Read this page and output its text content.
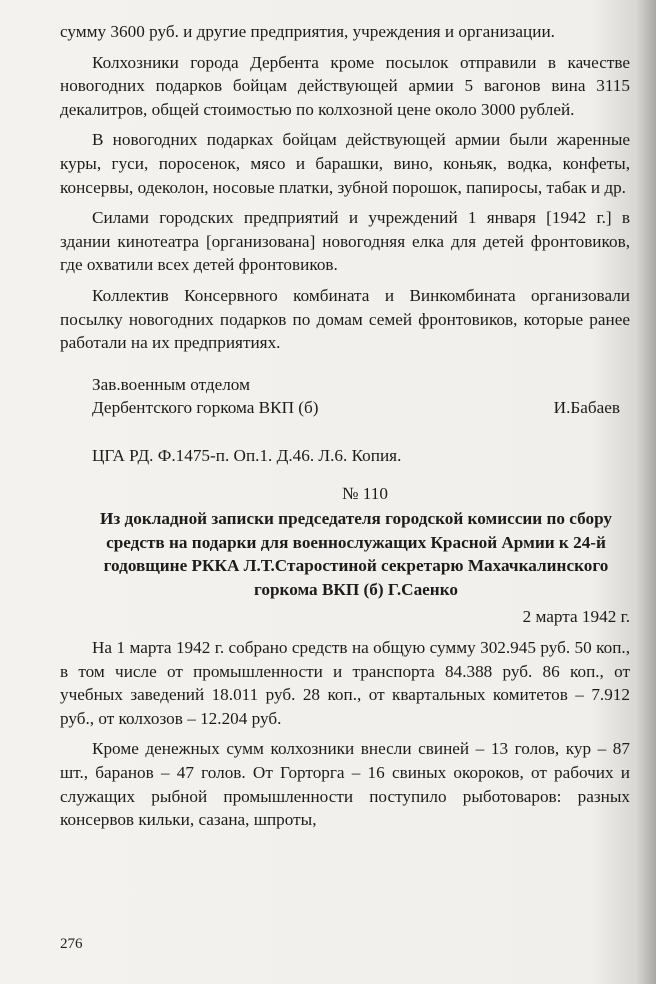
сумму 3600 руб. и другие предприятия, учреждения и организации.

Колхозники города Дербента кроме посылок отправили в качестве новогодних подарков бойцам действующей армии 5 вагонов вина 3115 декалитров, общей стоимостью по колхозной цене около 3000 рублей.

В новогодних подарках бойцам действующей армии были жаренные куры, гуси, поросенок, мясо и барашки, вино, коньяк, водка, конфеты, консервы, одеколон, носовые платки, зубной порошок, папиросы, табак и др.

Силами городских предприятий и учреждений 1 января [1942 г.] в здании кинотеатра [организована] новогодняя елка для детей фронтовиков, где охватили всех детей фронтовиков.

Коллектив Консервного комбината и Винкомбината организовали посылку новогодних подарков по домам семей фронтовиков, которые ранее работали на их предприятиях.

Зав.военным отделом
Дербентского горкома ВКП (б)	И.Бабаев
ЦГА РД. Ф.1475-п. Оп.1. Д.46. Л.6. Копия.
№ 110
Из докладной записки председателя городской комиссии по сбору средств на подарки для военнослужащих Красной Армии к 24-й годовщине РККА Л.Т.Старостиной секретарю Махачкалинского горкома ВКП (б) Г.Саенко
2 марта 1942 г.

На 1 марта 1942 г. собрано средств на общую сумму 302.945 руб. 50 коп., в том числе от промышленности и транспорта 84.388 руб. 86 коп., от учебных заведений 18.011 руб. 28 коп., от квартальных комитетов – 7.912 руб., от колхозов – 12.204 руб.

Кроме денежных сумм колхозники внесли свиней – 13 голов, кур – 87 шт., баранов – 47 голов. От Горторга – 16 свиных окороков, от рабочих и служащих рыбной промышленности поступило рыботоваров: разных консервов кильки, сазана, шпроты,

276
